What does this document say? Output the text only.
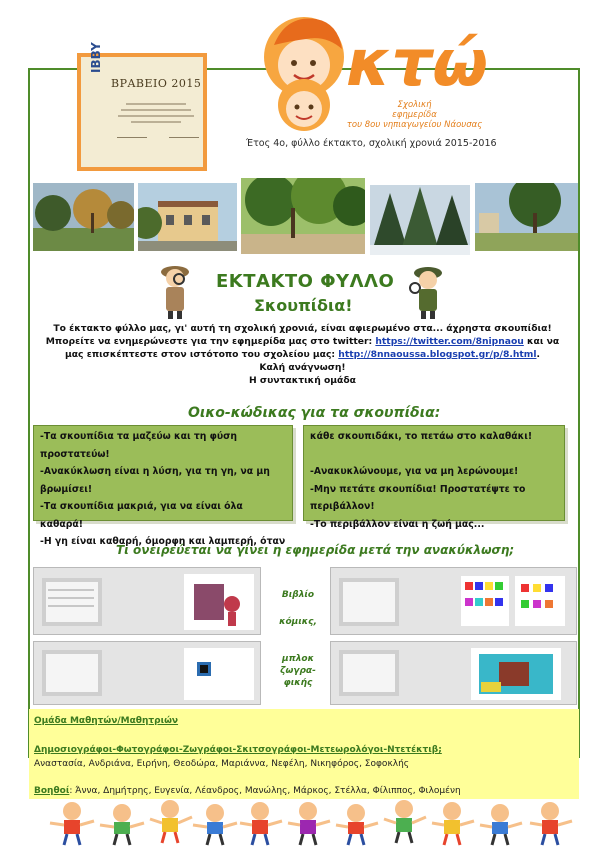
ΒΡΑΒΕΙΟ 2015
IBBY	κτώ
Σχολική
εφημερίδα
του 8ου νηπιαγωγείου Νάουσας
Έτος 4ο, φύλλο έκτακτο, σχολική χρονιά 2015-2016
ΕΚΤΑΚΤΟ ΦΥΛΛΟ
Σκουπίδια!
Το έκτακτο φύλλο μας, γι' αυτή τη σχολική χρονιά, είναι αφιερωμένο στα... άχρηστα σκουπίδια!
Μπορείτε να ενημερώνεστε για την εφημερίδα μας στο twitter: https://twitter.com/8nipnaou και να
μας επισκέπτεστε στον ιστότοπο του σχολείου μας: http://8nnaoussa.blogspot.gr/p/8.html.
Καλή ανάγνωση!
Η συντακτική ομάδα
Οικο-κώδικας για τα σκουπίδια:
-Τα σκουπίδια τα μαζεύω και τη φύση
προστατεύω!
-Ανακύκλωση είναι η λύση, για τη γη, να μη
βρωμίσει!
-Τα σκουπίδια μακριά, για να είναι όλα καθαρά!
-Η γη είναι καθαρή, όμορφη και λαμπερή, όταν
κάθε σκουπιδάκι, το πετάω στο καλαθάκι!
-Ανακυκλώνουμε, για να μη λερώνουμε!
-Μην πετάτε σκουπίδια! Προστατέψτε το
περιβάλλον!
-Το περιβάλλον είναι η ζωή μας...
Τι ονειρεύεται να γίνει η εφημερίδα μετά την ανακύκλωση;
Βιβλίο
κόμικς,
μπλοκ
ζωγρα-
φικής
Ομάδα Μαθητών/Μαθητριών
Δημοσιογράφοι-Φωτογράφοι-Ζωγράφοι-Σκιτσογράφοι-Μετεωρολόγοι-Ντετέκτιβ;
Αναστασία, Ανδριάνα, Ειρήνη, Θεοδώρα, Μαριάννα, Νεφέλη, Νικηφόρος, Σοφοκλής
Βοηθοί: Άννα, Δημήτρης, Ευγενία, Λέανδρος, Μανώλης, Μάρκος, Στέλλα, Φίλιππος, Φιλομένη
